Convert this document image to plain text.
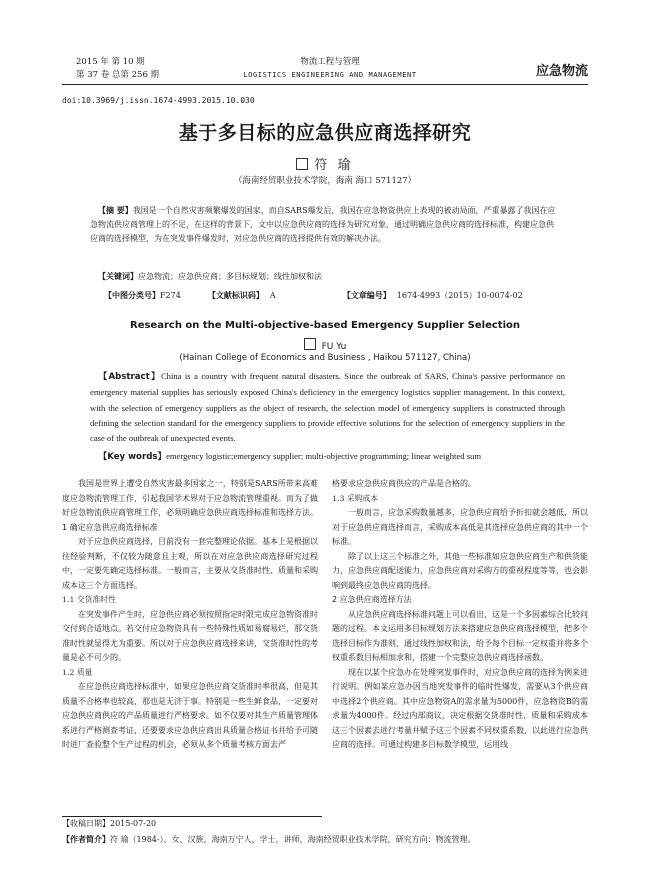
2015 年 第 10 期
第 37 卷 总第 256 期
物流工程与管理
LOGISTICS ENGINEERING AND MANAGEMENT	应急物流
doi:10.3969/j.issn.1674-4993.2015.10.030
基于多目标的应急供应商选择研究
符 瑜
（海南经贸职业技术学院，海南 海口 571127）
【摘 要】我国是一个自然灾害频繁爆发的国家，而自SARS爆发后，我国在应急物资供应上表现的被动局面，严重暴露了我国在应急物流供应商管理上的不足，在这样的背景下，文中以应急供应商的选择为研究对象，通过明确应急供应商的选择标准，构建应急供应商的选择模型，为在突发事件爆发时，对应急供应商的选择提供有效的解决办法。
【关键词】应急物流；应急供应商；多目标规划；线性加权和法
【中图分类号】F274	【文献标识码】 A	【文章编号】 1674-4993（2015）10-0074-02
Research on the Multi-objective-based Emergency Supplier Selection
FU Yu
(Hainan College of Economics and Business , Haikou 571127, China)
【Abstract】China is a country with frequent natural disasters. Since the outbreak of SARS, China's passive performance on emergency material supplies has seriously exposed China's deficiency in the emergency logistics supplier management. In this context, with the selection of emergency suppliers as the object of research, the selection model of emergency suppliers is constructed through defining the selection standard for the emergency suppliers to provide effective solutions for the selection of emergency suppliers in the case of the outbreak of unexpected events.
【Key words】emergency logistic;emergency supplier; multi-objective programming; linear weighted sum

我国是世界上遭受自然灾害最多国家之一，特别是SARS所带来高难度应急物流管理工作，引起我国学术界对于应急物流管理重视。而为了做好应急物流供应商管理工作，必须明确应急供应商选择标准和选择方法。

1 确定应急供应商选择标准

对于应急供应商选择，目前没有一套完整理论依据。基本上是根据以往经验判断，不仅较为随意且主观，所以在对应急供应商选择研究过程中，一定要先确定选择标准。一般而言，主要从交货准时性、质量和采购成本这三个方面选择。

1.1 交货准时性

在突发事件产生时，应急供应商必须按照指定时限完成应急物资准时交付到合适地点。若交付应急物资具有一些特殊性质如易腐易烂，那交货准时性就显得尤为重要。所以对于应急供应商选择来讲，交货准时性的考量是必不可少的。

1.2 质量

在应急供应商选择标准中，如果应急供应商交货准时率很高，但是其质量不合格率也较高，那也是无济于事。特别是一些生鲜食品，一定要对应急供应商供应的产品质量进行严格要求。如不仅要对其生产质量管理体系进行严格测查考证，还要要求应急供应商出具质量合格证书并给予可随时进厂查验整个生产过程的机会，必须从多个质量考核方面去严

格要求应急供应商供应的产品是合格的。

1.3 采购成本

一般而言，应急采购数量越多，应急供应商给予折扣就会越低，所以对于应急供应商选择而言，采购成本高低是其选择应急供应商的其中一个标准。

除了以上这三个标准之外，其他一些标准如应急供应商生产和供货能力，应急供应商配送能力，应急供应商对采购方的重视程度等等，也会影响到最终应急供应商的选择。

2 应急供应商选择方法

从应急供应商选择标准问题上可以看出，这是一个多因素综合比较问题的过程。本文运用多目标规划方法来搭建应急供应商选择模型，把多个选择目标作为准则，通过线性加权和法，给予每个目标一定权重并将多个权重系数目标相加求和，搭建一个完整应急供应商选择函数。

现在以某个应急办在处理突发事件时，对应急供应商的选择为例来进行说明。例如某应急办因当地突发事件的临时性爆发，需要从3个供应商中选择2个供应商。其中应急物资A的需求量为5000件，应急物资B的需求量为4000件。经过内部商议，决定根据交货准时性、质量和采购成本这三个因素去进行考量并赋予这三个因素不同权重系数，以此进行应急供应商的选择。可通过构建多目标数学模型，运用线

【收稿日期】2015-07-20
【作者简介】符 瑜（1984-），女，汉族，海南万宁人，学士，讲师，海南经贸职业技术学院，研究方向：物流管理。
